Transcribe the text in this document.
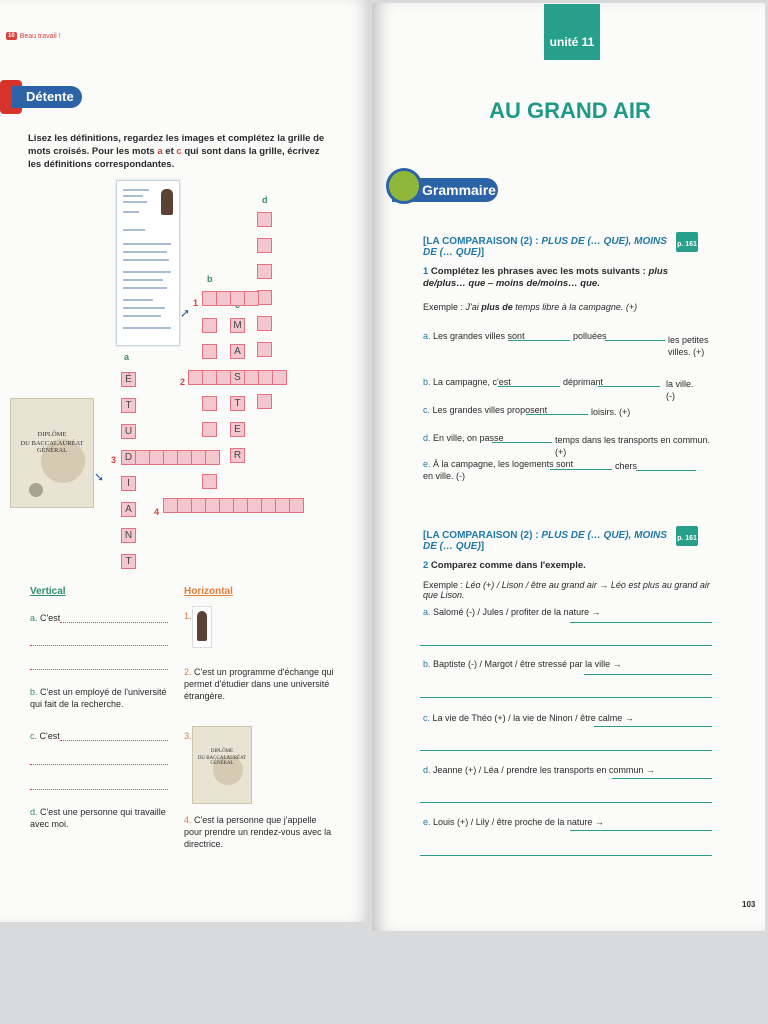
10 Beau travail !
Détente
Lisez les définitions, regardez les images et complétez la grille de mots croisés. Pour les mots a et c qui sont dans la grille, écrivez les définitions correspondantes.
➚
DIPLÔME
DU BACCALAURÉAT GÉNÉRAL
➘
d
b
a
1
2
3
4
M
A
S
T
E
R
É
T
U
D
I
A
N
T
Vertical
a. C'est
b. C'est un employé de l'université qui fait de la recherche.
c. C'est
d. C'est une personne qui travaille avec moi.
Horizontal
1.
2. C'est un programme d'échange qui permet d'étudier dans une université étrangère.
3.
DIPLÔME
DU BACCALAURÉAT GÉNÉRAL
4. C'est la personne que j'appelle pour prendre un rendez-vous avec la directrice.
unité 11
AU GRAND AIR
Grammaire
[LA COMPARAISON (2) : PLUS DE (… QUE), MOINS DE (… QUE)]
p. 161
1 Complétez les phrases avec les mots suivants : plus de/plus… que – moins de/moins… que.
Exemple : J'ai plus de temps libre à la campagne. (+)
a. Les grandes villes sont	polluées	les petites villes. (+)
b. La campagne, c'est	déprimant	la ville. (-)
c. Les grandes villes proposent	loisirs. (+)
d. En ville, on passe	temps dans les transports en commun. (+)
e. À la campagne, les logements sont	chers

en ville. (-)
[LA COMPARAISON (2) : PLUS DE (… QUE), MOINS DE (… QUE)]
p. 161
2 Comparez comme dans l'exemple.
Exemple : Léo (+) / Lison / être au grand air → Léo est plus au grand air que Lison.
a. Salomé (-) / Jules / profiter de la nature →
b. Baptiste (-) / Margot / être stressé par la ville →
c. La vie de Théo (+) / la vie de Ninon / être calme →
d. Jeanne (+) / Léa / prendre les transports en commun →
e. Louis (+) / Lily / être proche de la nature →
103
